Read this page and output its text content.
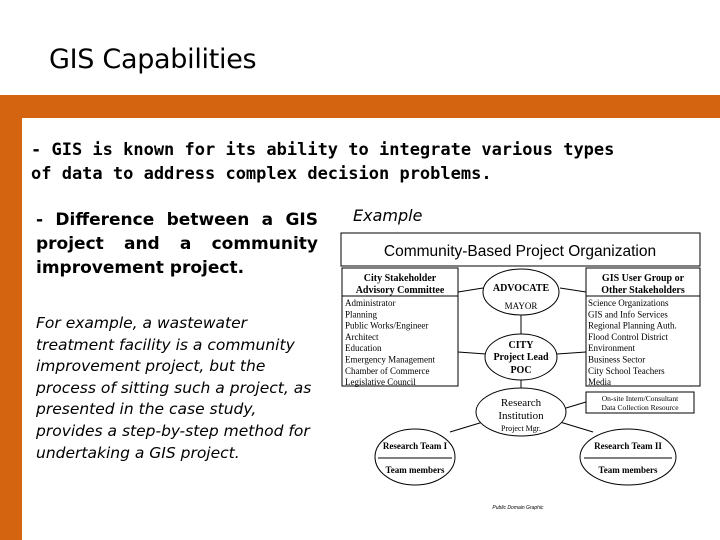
GIS Capabilities
- GIS is known for its ability to integrate various types of data to address complex decision problems.
- Difference between a GIS project and a community improvement project.
For example, a wastewater treatment facility is a community improvement project, but the process of sitting such a project, as presented in the case study, provides a step-by-step method for undertaking a GIS project.
Example
Community-Based Project Organization
City Stakeholder
Advisory Committee
Administrator
Planning
Public Works/Engineer
Architect
Education
Emergency Management
Chamber of Commerce
Legislative Council
GIS User Group or
Other Stakeholders
Science Organizations
GIS and Info Services
Regional Planning Auth.
Flood Control District
Environment
Business Sector
City School Teachers
Media
ADVOCATE
MAYOR
CITY
Project Lead
POC
Research
Institution
Project Mgr.
On-site Intern/Consultant
Data Collection Resource
Research Team I
Team members
Research Team II
Team members
Public Domain Graphic
